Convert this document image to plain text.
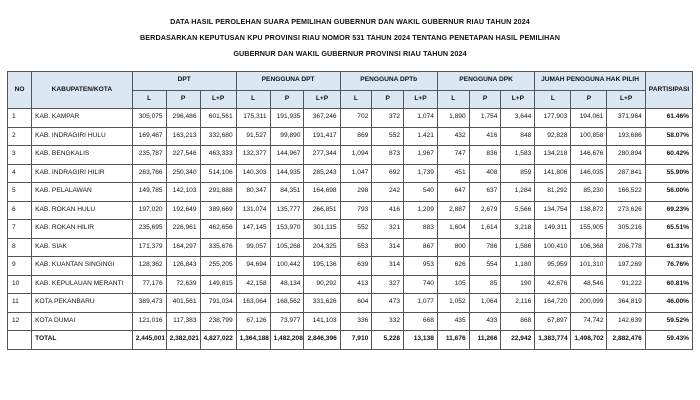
DATA HASIL PEROLEHAN SUARA PEMILIHAN GUBERNUR DAN WAKIL GUBERNUR RIAU TAHUN 2024
BERDASARKAN KEPUTUSAN KPU PROVINSI RIAU NOMOR 531 TAHUN 2024 TENTANG PENETAPAN HASIL PEMILIHAN
GUBERNUR DAN WAKIL GUBERNUR PROVINSI RIAU TAHUN 2024
NO	KABUPATEN/KOTA	DPT			PENGGUNA DPT			PENGGUNA DPTb			PENGGUNA DPK			JUMAH PENGGUNA HAK PILIH			PARTISIPASI
		L	P	L+P	L	P	L+P	L	P	L+P	L	P	L+P	L	P	L+P	
1	KAB. KAMPAR	305,075	296,486	601,561	175,311	191,935	367,246	702	372	1,074	1,890	1,754	3,644	177,903	194,061	371,964	61.46%
2	KAB. INDRAGIRI HULU	169,467	163,213	332,680	91,527	99,890	191,417	869	552	1,421	432	416	848	92,828	100,858	193,686	58.07%
3	KAB. BENGKALIS	235,787	227,546	463,333	132,377	144,967	277,344	1,094	873	1,967	747	836	1,583	134,218	146,676	280,894	60.42%
4	KAB. INDRAGIRI HILIR	263,766	250,340	514,106	140,303	144,935	285,243	1,047	692	1,739	451	408	859	141,806	146,035	287,841	55.90%
5	KAB. PELALAWAN	149,785	142,103	291,888	80,347	84,351	164,698	298	242	540	647	637	1,284	81,292	85,230	166,522	56.00%
6	KAB. ROKAN HULU	197,020	192,649	389,669	131,074	135,777	266,851	793	416	1,209	2,887	2,679	5,566	134,754	138,872	273,626	69.23%
7	KAB. ROKAN HILIR	235,695	226,961	462,656	147,145	153,970	301,115	552	321	883	1,604	1,614	3,218	149,311	155,905	305,216	65.51%
8	KAB. SIAK	171,379	164,297	335,676	99,057	105,268	204,325	553	314	867	800	786	1,586	100,410	106,368	206,778	61.31%
9	KAB. KUANTAN SINGINGI	128,362	126,843	255,205	94,694	100,442	195,136	639	314	953	626	554	1,180	95,959	101,310	197,269	76.76%
10	KAB. KEPULAUAN MERANTI	77,176	72,639	149,815	42,158	48,134	90,292	413	327	740	105	85	190	42,676	48,546	91,222	60.81%
11	KOTA PEKANBARU	389,473	401,561	791,034	163,064	168,562	331,626	604	473	1,077	1,052	1,064	2,116	164,720	200,099	364,819	46.00%
12	KOTA DUMAI	121,016	117,383	238,799	67,126	73,977	141,103	336	332	668	435	433	868	67,897	74,742	142,639	59.52%
	TOTAL	2,445,001	2,382,021	4,827,022	1,364,188	1,482,208	2,846,396	7,910	5,228	13,138	11,676	11,266	22,942	1,383,774	1,498,702	2,882,476	59.43%
